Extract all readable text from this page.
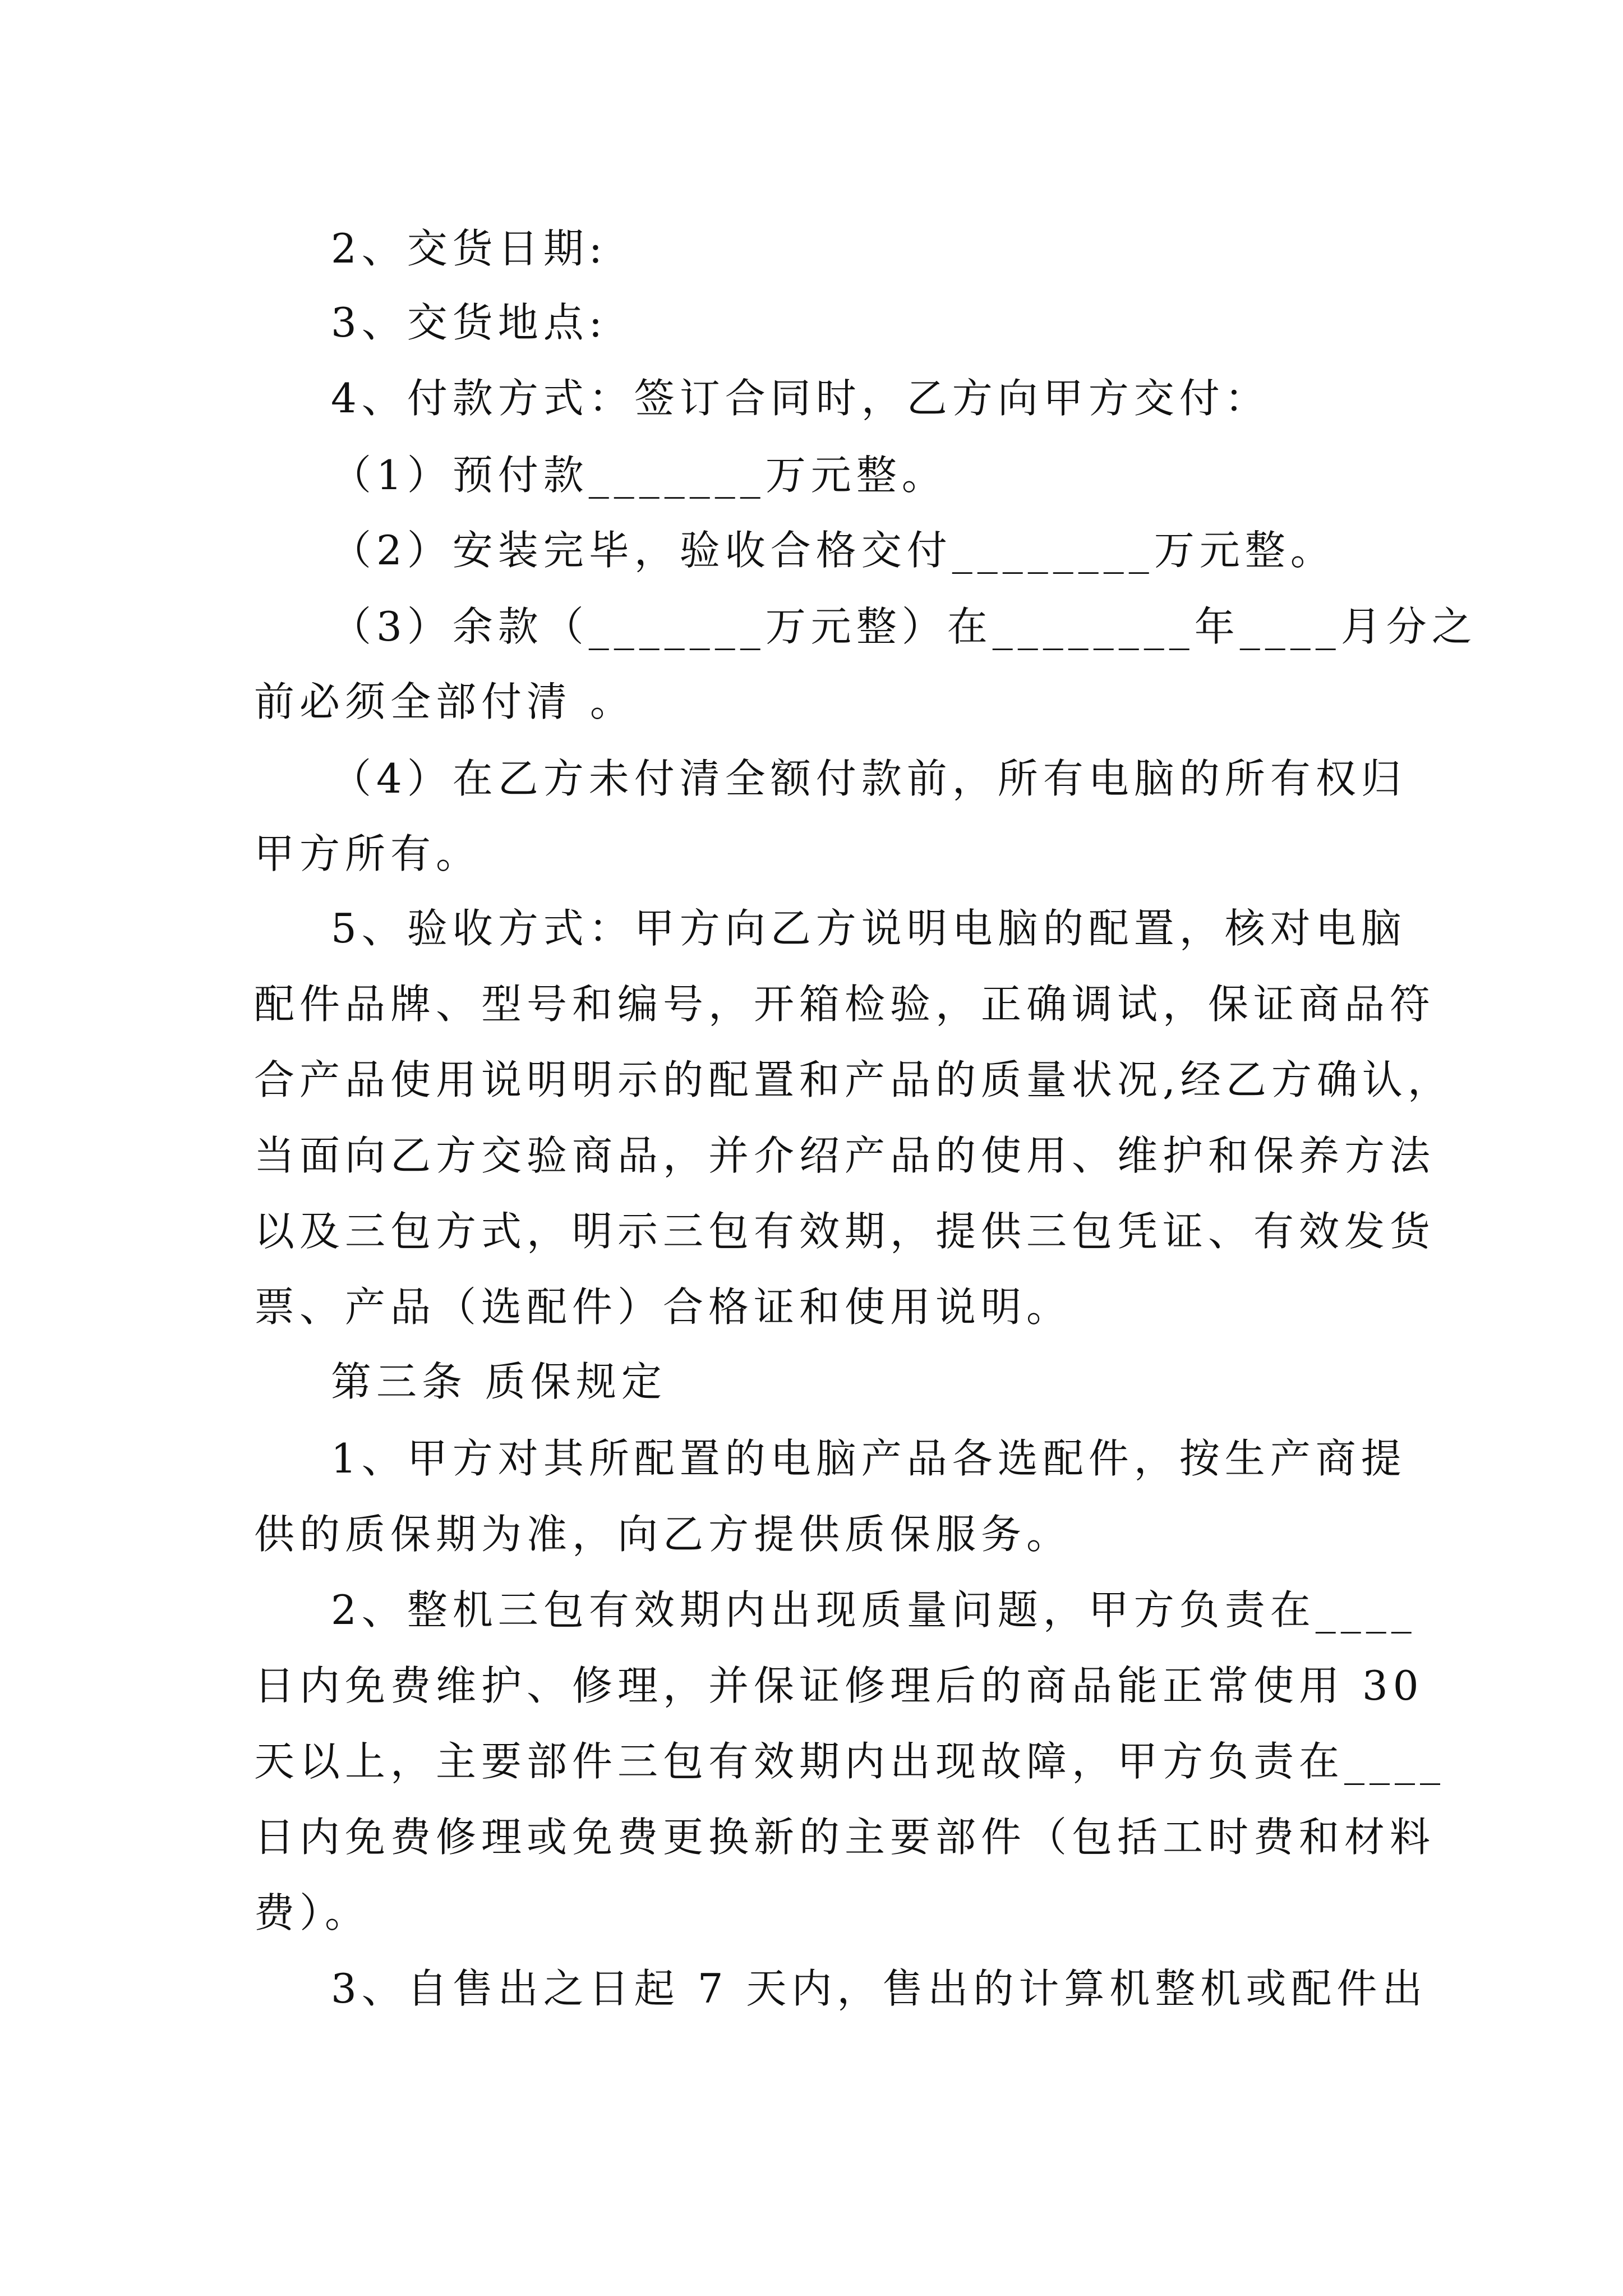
2、交货日期:
3、交货地点:
4、付款方式：签订合同时，乙方向甲方交付：
（1）预付款_______万元整。
（2）安装完毕，验收合格交付________万元整。
（3）余款（_______万元整）在________年____月分之
前必须全部付清 。
（4）在乙方未付清全额付款前，所有电脑的所有权归
甲方所有。
5、验收方式：甲方向乙方说明电脑的配置，核对电脑
配件品牌、型号和编号，开箱检验，正确调试，保证商品符
合产品使用说明明示的配置和产品的质量状况,经乙方确认，
当面向乙方交验商品，并介绍产品的使用、维护和保养方法
以及三包方式，明示三包有效期，提供三包凭证、有效发货
票、产品（选配件）合格证和使用说明。
第三条 质保规定
1、甲方对其所配置的电脑产品各选配件，按生产商提
供的质保期为准，向乙方提供质保服务。
2、整机三包有效期内出现质量问题，甲方负责在____
日内免费维护、修理，并保证修理后的商品能正常使用 30
天以上，主要部件三包有效期内出现故障，甲方负责在____
日内免费修理或免费更换新的主要部件（包括工时费和材料
费）。
3、自售出之日起 7 天内，售出的计算机整机或配件出
